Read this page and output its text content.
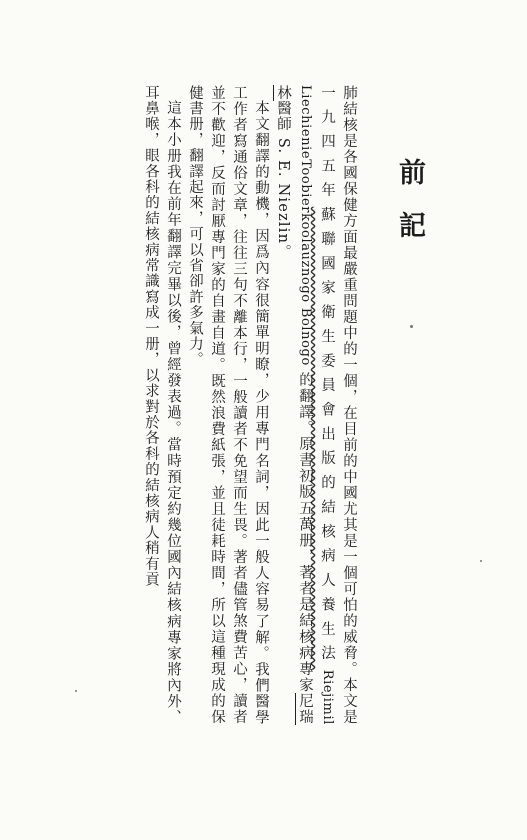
前記

肺結核是各國保健方面最嚴重問題中的一個，在目前的中國尤其是一個可怕的威脅。本文是一九四五年蘇聯國家衛生委員會出版的結核病人養生法Riejimil LiechienieToobierkoolauznogo Bolnogo 的翻譯。原書初版五萬册，著者是結核病專家尼瑞林醫師 S. E. Niezlin。

本文翻譯的動機，因爲內容很簡單明瞭，少用專門名詞，因此一般人容易了解。我們醫學工作者寫通俗文章，往往三句不離本行，一般讀者不免望而生畏。著者儘管煞費苦心，讀者並不歡迎，反而討厭專門家的自畫自道。既然浪費紙張，並且徒耗時間，所以這種現成的保健書册，翻譯起來，可以省卻許多氣力。

這本小册我在前年翻譯完畢以後，曾經發表過。當時預定約幾位國內結核病專家將內外、耳鼻喉，眼各科的結核病常識寫成一册，以求對於各科的結核病人稍有貢
